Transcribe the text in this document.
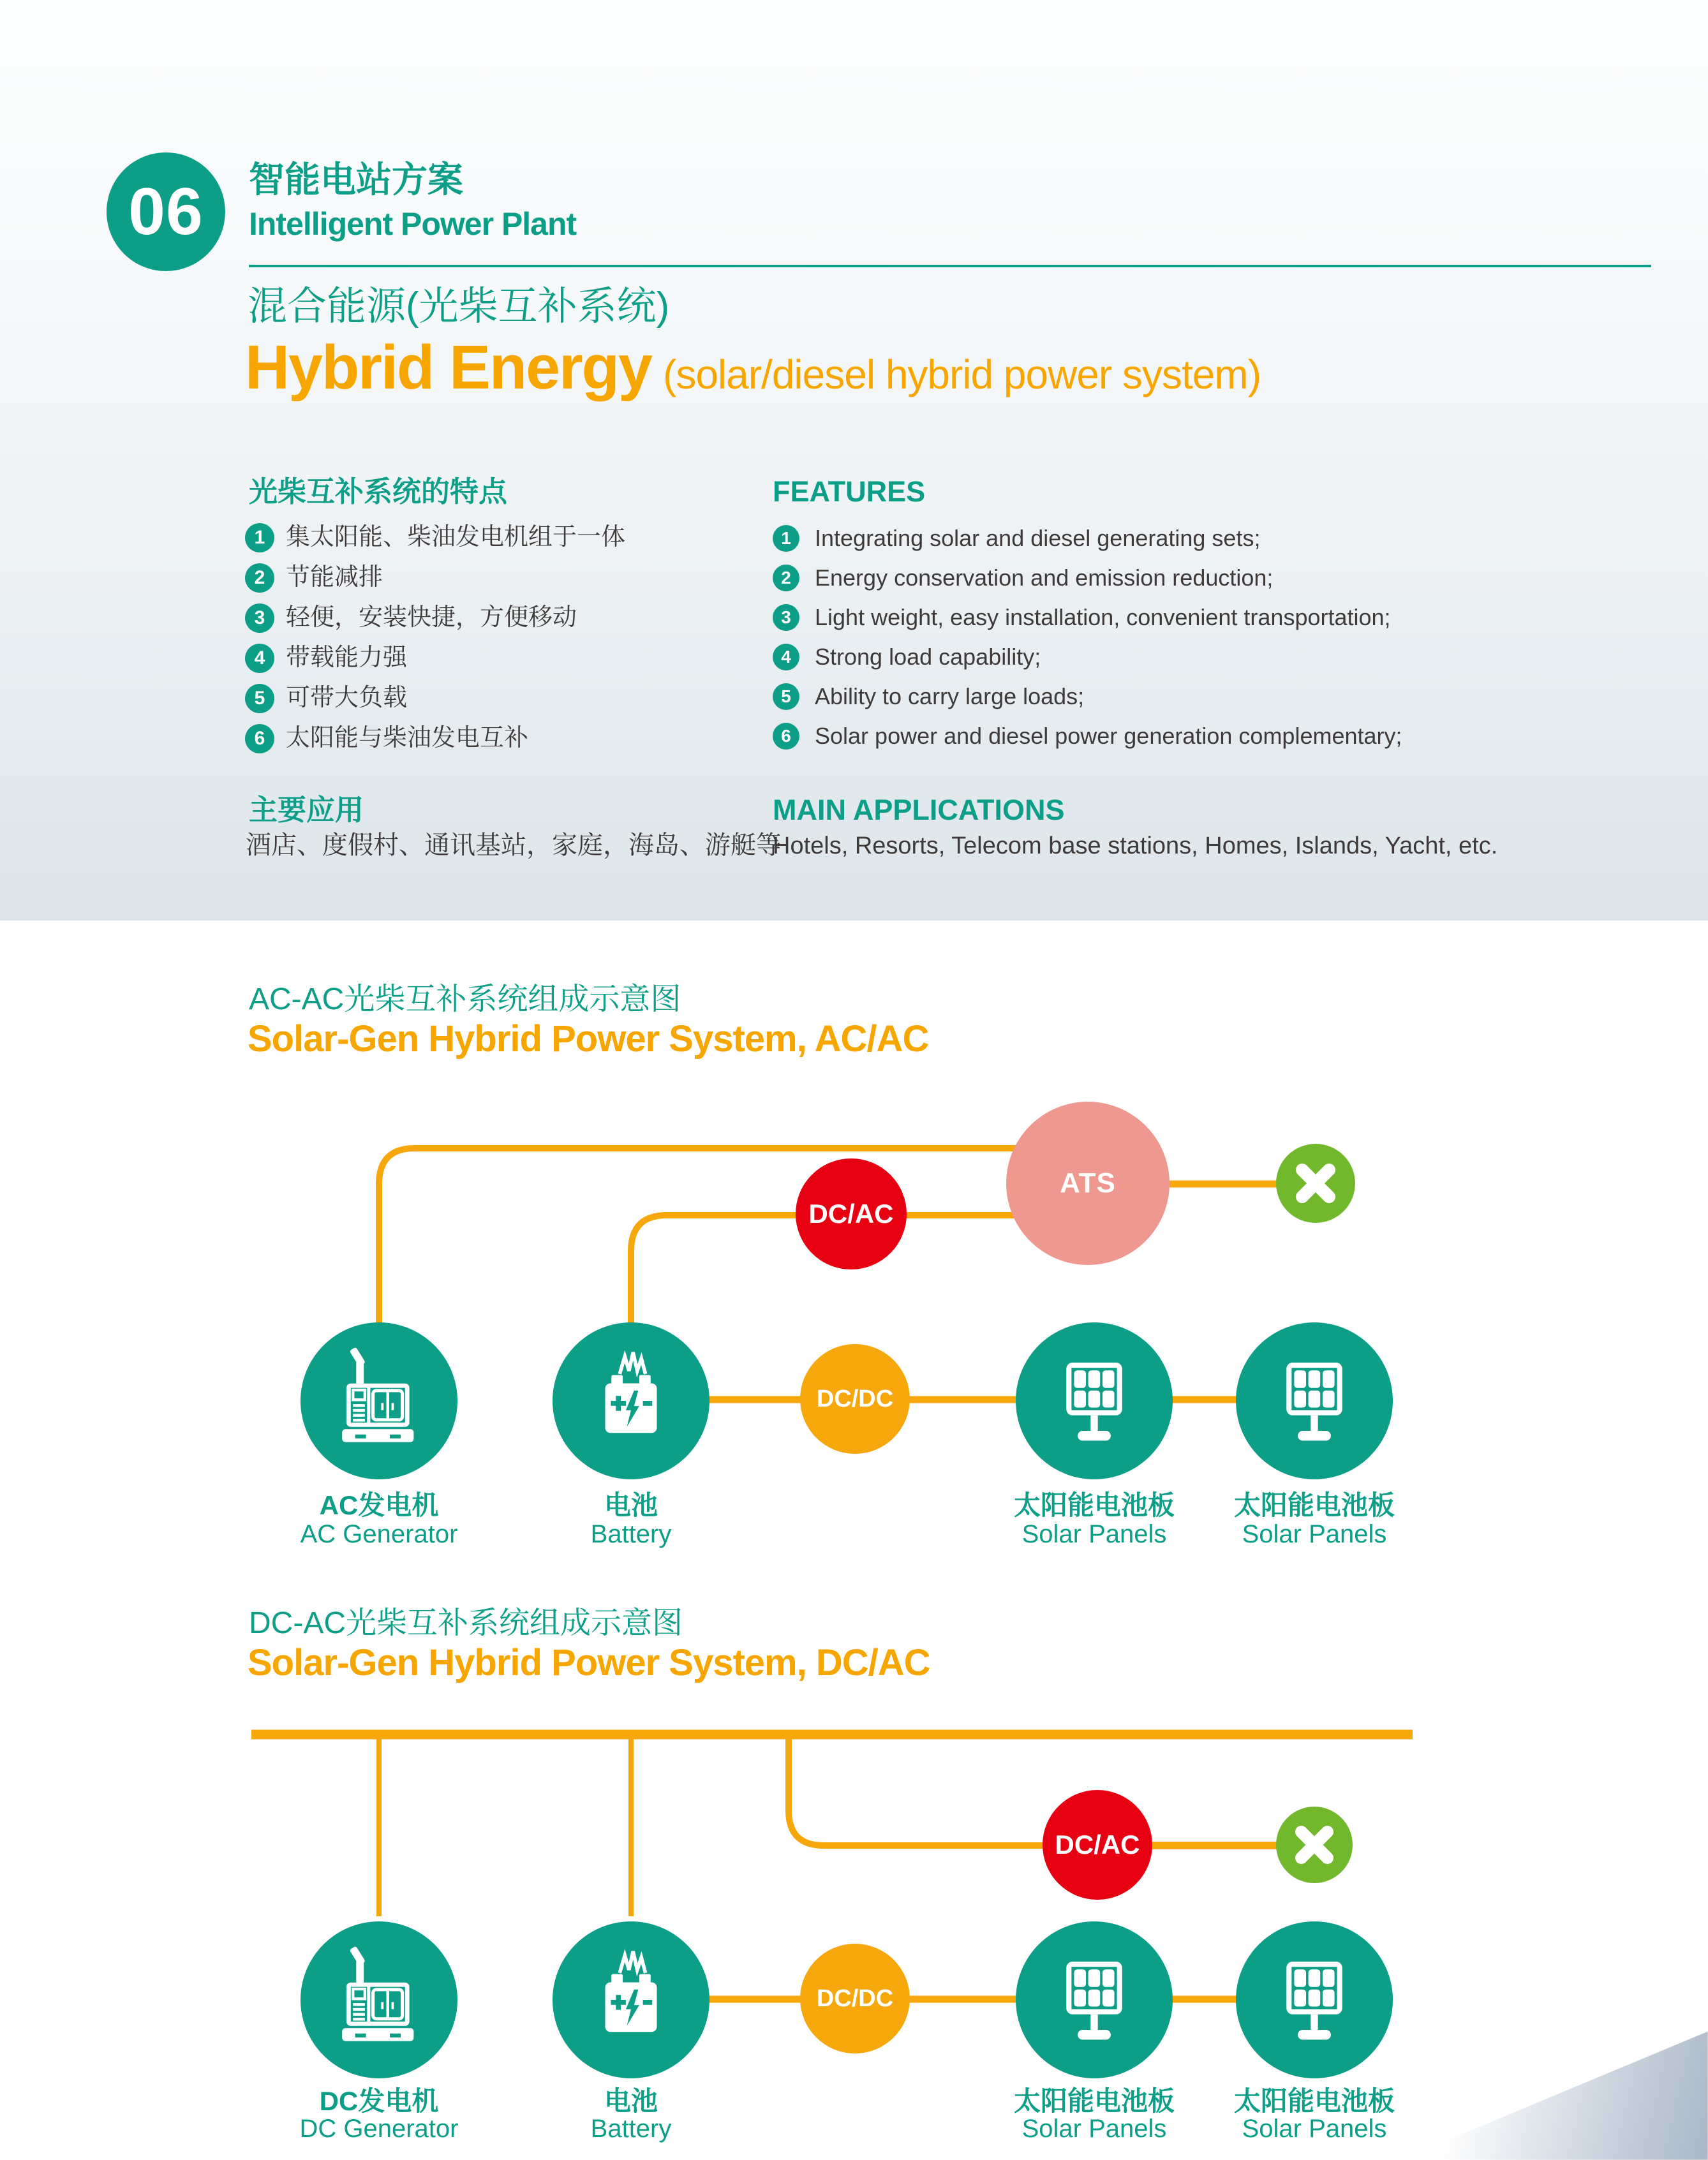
06 智能电站方案
Intelligent Power Plant
混合能源(光柴互补系统)
Hybrid Energy (solar/diesel hybrid power system)
光柴互补系统的特点	FEATURES
1 集太阳能、柴油发电机组于一体
2 节能减排
3 轻便，安装快捷，方便移动
4 带载能力强
5 可带大负载
6 太阳能与柴油发电互补
1	Integrating solar and diesel generating sets;
2	Energy conservation and emission reduction;
3	Light weight, easy installation, convenient transportation;
4	Strong load capability;
5	Ability to carry large loads;
6	Solar power and diesel power generation complementary;
主要应用
酒店、度假村、通讯基站，家庭，海岛、游艇等
MAIN APPLICATIONS
Hotels, Resorts, Telecom base stations, Homes, Islands, Yacht, etc.
AC-AC光柴互补系统组成示意图
Solar-Gen Hybrid Power System, AC/AC
DC-AC光柴互补系统组成示意图
Solar-Gen Hybrid Power System, DC/AC
DC/AC
ATS
DC/DC
AC发电机
AC Generator
电池
Battery
太阳能电池板
Solar Panels
太阳能电池板
Solar Panels
DC/AC
DC/DC
DC发电机
DC Generator
电池
Battery
太阳能电池板
Solar Panels
太阳能电池板
Solar Panels
